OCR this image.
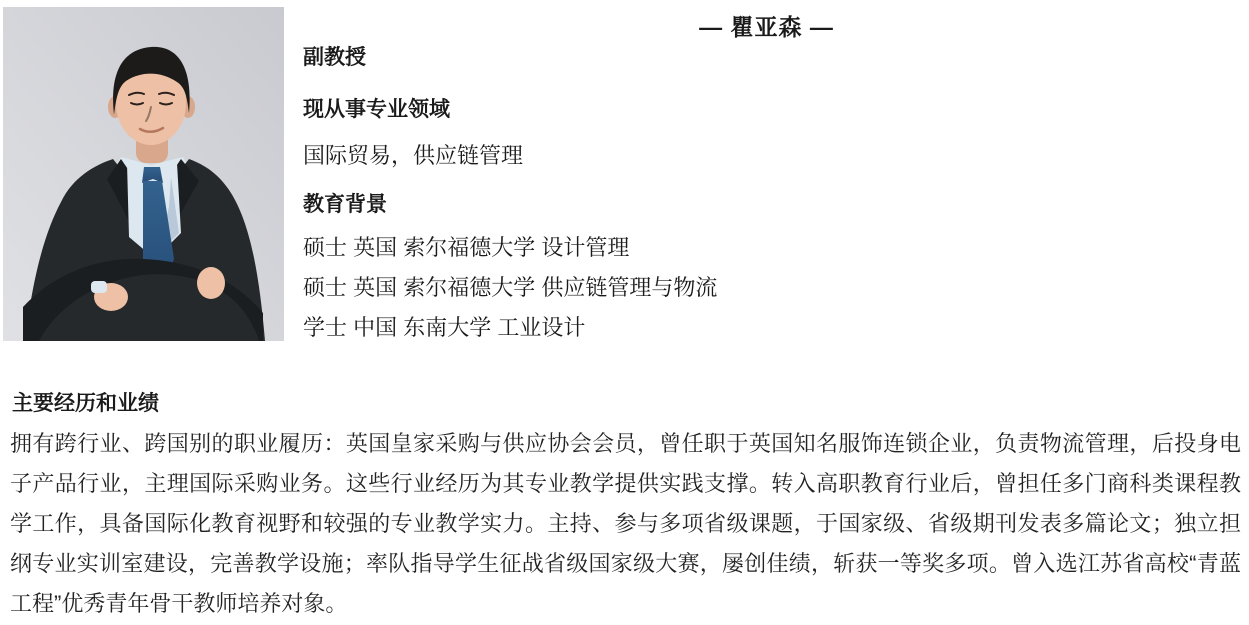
— 瞿亚森 —
副教授
现从事专业领域
国际贸易，供应链管理
教育背景
硕士 英国 索尔福德大学 设计管理
硕士 英国 索尔福德大学 供应链管理与物流
学士 中国 东南大学 工业设计
主要经历和业绩
拥有跨行业、跨国别的职业履历：英国皇家采购与供应协会会员，曾任职于英国知名服饰连锁企业，负责物流管理，后投身电子产品行业，主理国际采购业务。这些行业经历为其专业教学提供实践支撑。转入高职教育行业后，曾担任多门商科类课程教学工作，具备国际化教育视野和较强的专业教学实力。主持、参与多项省级课题，于国家级、省级期刊发表多篇论文；独立担纲专业实训室建设，完善教学设施；率队指导学生征战省级国家级大赛，屡创佳绩，斩获一等奖多项。曾入选江苏省高校“青蓝工程”优秀青年骨干教师培养对象。
